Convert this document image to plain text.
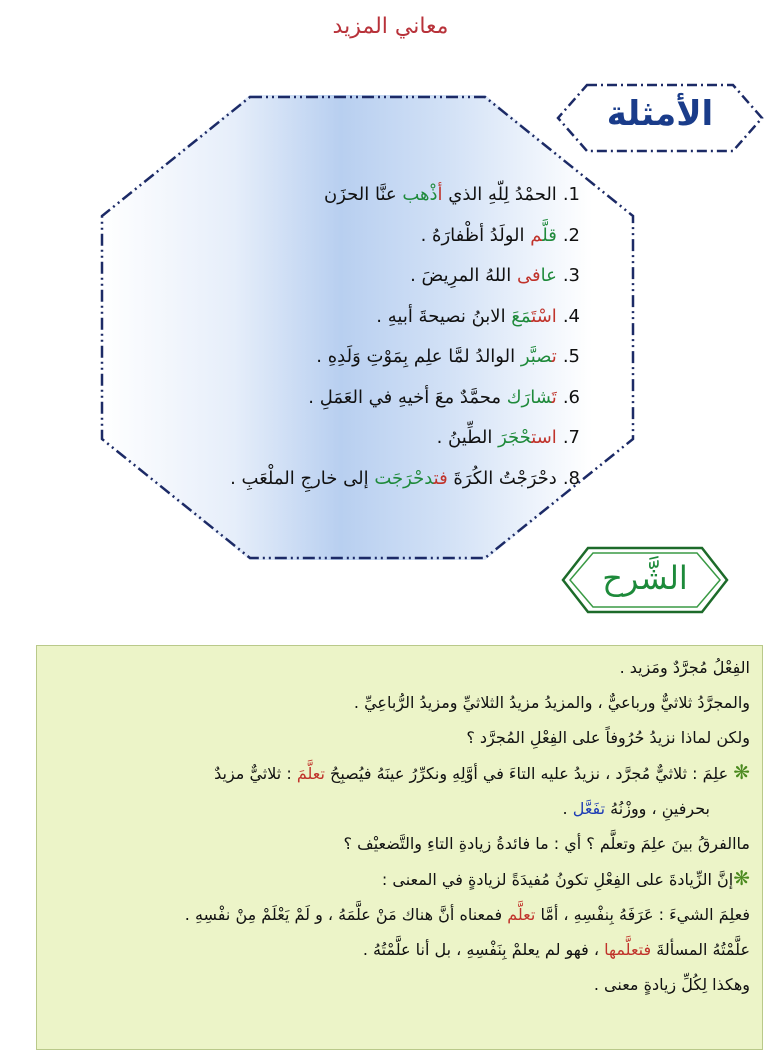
معاني المزيد
1.الحمْدُ لِلّهِ الذي أذْهب عنَّا الحزَن
2.قلَّم الولَدُ أظْفارَهُ .
3.عافى اللهُ المرِيضَ .
4.اسْتَمَعَ الابنُ نصيحةَ أبيهِ .
5.تصبَّر الوالدُ لمَّا علِم بِمَوْتِ وَلَدِهِ .
6.تَشارَك محمَّدٌ معَ أخيهِ في العَمَلِ .
7.استحْجَرَ الطِّينُ .
8.دحْرَجْتُ الكُرَةَ فتدحْرَجَت إلى خارجِ الملْعَبِ .
الأمثلة
الشَّرح

الفِعْلُ مُجرَّدٌ ومَزيد .

والمجرَّدُ ثلاثيٌّ ورباعيٌّ ، والمزيدُ مزيدُ الثلاثيِّ ومزيدُ الرُّباعِيِّ .

ولكن لماذا نزيدُ حُرُوفاً على الفِعْلِ المُجرَّد ؟

❋ علِمَ : ثلاثيٌّ مُجرَّد ، نزيدُ عليه التاءَ في أوَّلِهِ ونكرِّرُ عينَهُ فيُصبِحُ تعلَّمَ : ثلاثيٌّ مزيدٌ

بحرفينِ ، ووزْنُهُ تفَعَّل .

ماالفرقُ بينَ علِمَ وتعلَّم ؟ أي : ما فائدةُ زيادةِ التاءِ والتَّضعيْف ؟

❋إنَّ الزِّيادةَ على الفِعْلِ تكونُ مُفيدَةً لزيادةٍ في المعنى :

فعلِمَ الشيءَ : عَرَفَهُ بِنفْسِهِ ، أمَّا تعلَّم فمعناه أنَّ هناك مَنْ علَّمَهُ ، و لَمْ يَعْلَمْ مِنْ نفْسِهِ .

علَّمْتُهُ المسألةَ فتعلَّمها ، فهو لم يعلمْ بِنَفْسِهِ ، بل أنا علَّمْتُهُ .

وهكذا لِكُلِّ زيادةٍ معنى .
